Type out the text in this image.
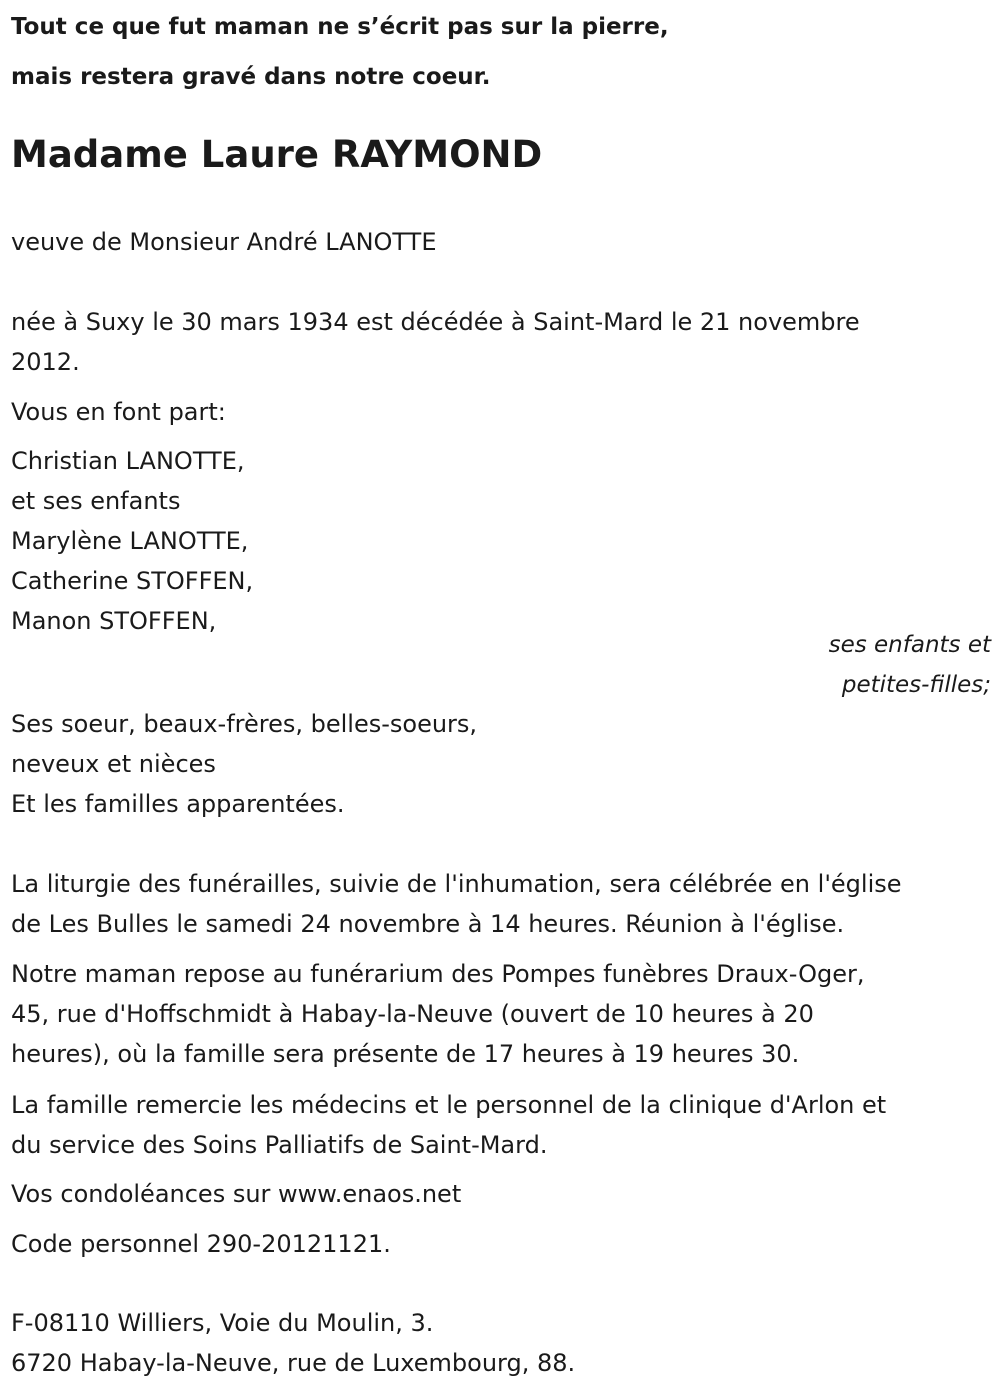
Tout ce que fut maman ne s’écrit pas sur la pierre,
mais restera gravé dans notre coeur.

Madame Laure RAYMOND

veuve de Monsieur André LANOTTE

née à Suxy le 30 mars 1934 est décédée à Saint-Mard le 21 novembre
2012.

Vous en font part:

Christian LANOTTE,
et ses enfants
Marylène LANOTTE,
Catherine STOFFEN,
Manon STOFFEN,

ses enfants et
petites-filles;

Ses soeur, beaux-frères, belles-soeurs,
neveux et nièces
Et les familles apparentées.

La liturgie des funérailles, suivie de l'inhumation, sera célébrée en l'église
de Les Bulles le samedi 24 novembre à 14 heures. Réunion à l'église.

Notre maman repose au funérarium des Pompes funèbres Draux-Oger,
45, rue d'Hoffschmidt à Habay-la-Neuve (ouvert de 10 heures à 20
heures), où la famille sera présente de 17 heures à 19 heures 30.

La famille remercie les médecins et le personnel de la clinique d'Arlon et
du service des Soins Palliatifs de Saint-Mard.

Vos condoléances sur www.enaos.net

Code personnel 290-20121121.

F-08110 Williers, Voie du Moulin, 3.
6720 Habay-la-Neuve, rue de Luxembourg, 88.
